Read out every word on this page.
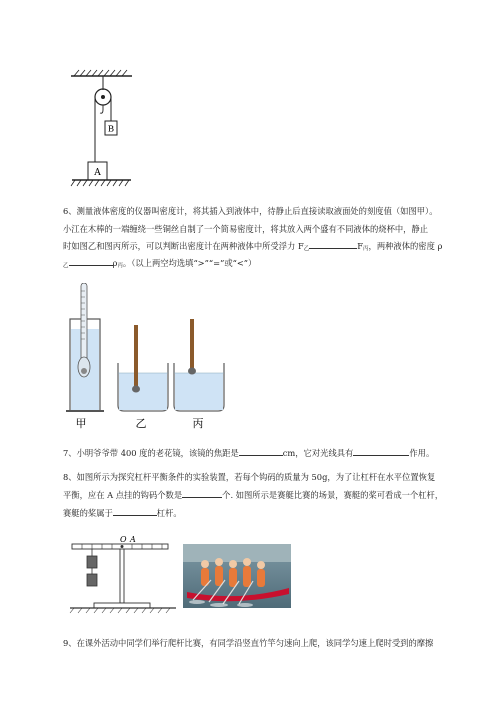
B
A
6、测量液体密度的仪器叫密度计，将其插入到液体中，待静止后直接读取液面处的刻度值（如图甲）。
小江在木棒的一端缠绕一些铜丝自制了一个简易密度计，将其放入两个盛有不同液体的烧杯中，静止
时如图乙和图丙所示，可以判断出密度计在两种液体中所受浮力 F乙	F丙，两种液体的密度 ρ
乙	ρ丙。（以上两空均选填“>”“=”或“<”）
甲	乙	丙
7、小明爷爷带 400 度的老花镜，该镜的焦距是	cm，它对光线具有	作用。
8、如图所示为探究杠杆平衡条件的实验装置，若每个钩码的质量为 50g，为了让杠杆在水平位置恢复
平衡，应在 A 点挂的钩码个数是	个. 如图所示是赛艇比赛的场景，赛艇的桨可看成一个杠杆，
赛艇的桨属于	杠杆。
O A
9、在课外活动中同学们举行爬杆比赛，有同学沿竖直竹竿匀速向上爬，该同学匀速上爬时受到的摩擦
